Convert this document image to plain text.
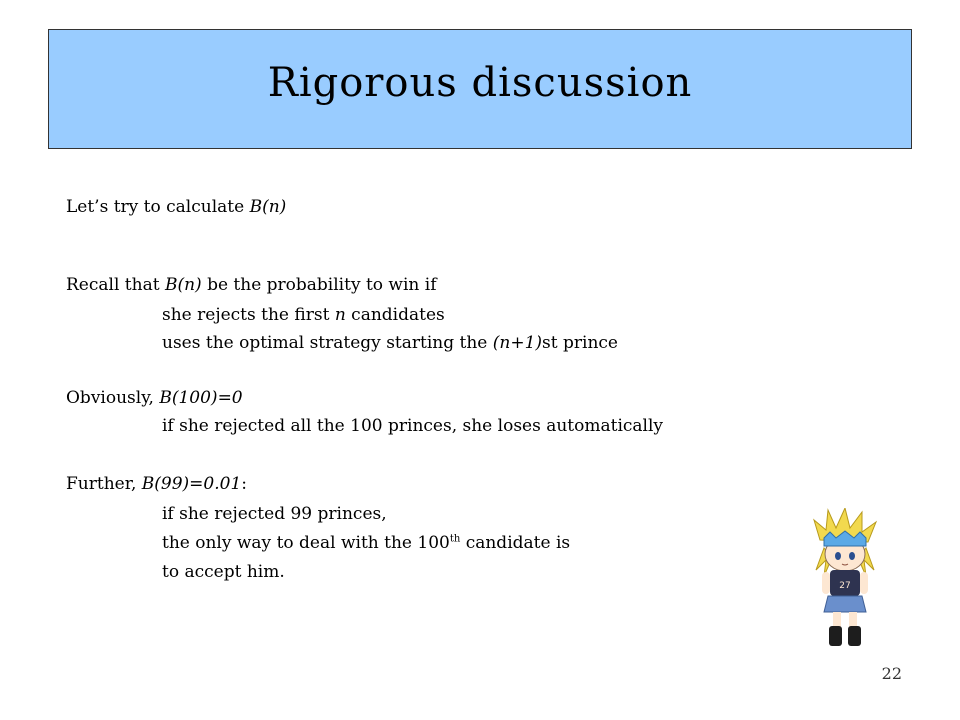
Rigorous discussion
Let’s try to calculate B(n)
Recall that B(n) be the probability to win if
she rejects the first n candidates
uses the optimal strategy starting the (n+1)st prince
Obviously, B(100)=0
if she rejected all the 100 princes, she loses automatically
Further, B(99)=0.01:
if she rejected 99 princes,
the only way to deal with the 100th candidate is
to accept him.
27
22
